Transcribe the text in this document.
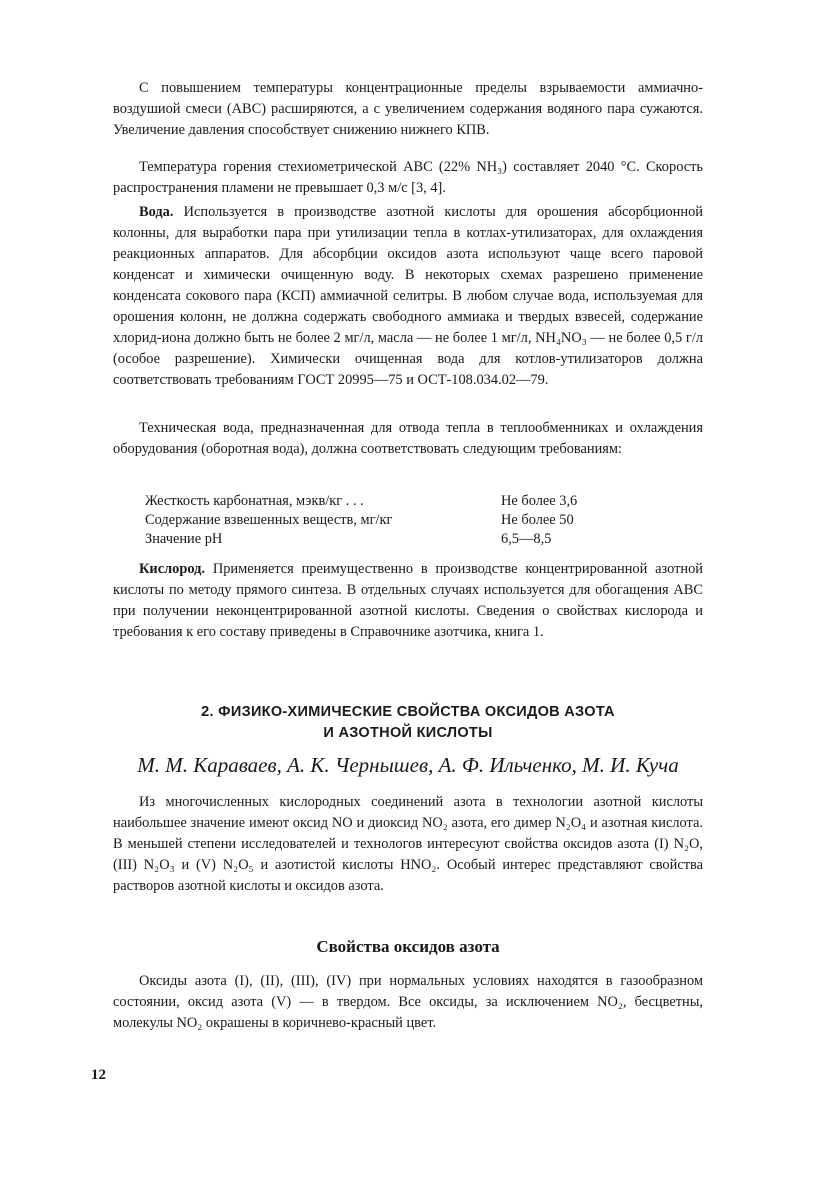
С повышением температуры концентрационные пределы взрываемости аммиачно-воздушиой смеси (АВС) расширяются, а с увеличением содержания водяного пара сужаются. Увеличение давления способствует снижению нижнего КПВ.

Температура горения стехиометрической АВС (22% NH₃) составляет 2040 °С. Скорость распространения пламени не превышает 0,3 м/с [3, 4].

Вода. Используется в производстве азотной кислоты для орошения абсорбционной колонны, для выработки пара при утилизации тепла в котлах-утилизаторах, для охлаждения реакционных аппаратов. Для абсорбции оксидов азота используют чаще всего паровой конденсат и химически очищенную воду. В некоторых схемах разрешено применение конденсата сокового пара (КСП) аммиачной селитры. В любом случае вода, используемая для орошения колонн, не должна содержать свободного аммиака и твердых взвесей, содержание хлорид-иона должно быть не более 2 мг/л, масла — не более 1 мг/л, NH₄NO₃ — не более 0,5 г/л (особое разрешение). Химически очищенная вода для котлов-утилизаторов должна соответствовать требованиям ГОСТ 20995—75 и ОСТ-108.034.02—79.

Техническая вода, предназначенная для отвода тепла в теплообменниках и охлаждения оборудования (оборотная вода), должна соответствовать следующим требованиям:

Жесткость карбонатная, мэкв/кг . . .	Не более 3,6
Содержание взвешенных веществ, мг/кг	Не более 50
Значение pH	6,5—8,5

Кислород. Применяется преимущественно в производстве концентрированной азотной кислоты по методу прямого синтеза. В отдельных случаях используется для обогащения АВС при получении неконцентрированной азотной кислоты. Сведения о свойствах кислорода и требования к его составу приведены в Справочнике азотчика, книга 1.

2. ФИЗИКО-ХИМИЧЕСКИЕ СВОЙСТВА ОКСИДОВ АЗОТА
И АЗОТНОЙ КИСЛОТЫ
М. М. Караваев, А. К. Чернышев, А. Ф. Ильченко, М. И. Куча

Из многочисленных кислородных соединений азота в технологии азотной кислоты наибольшее значение имеют оксид NO и диоксид NO₂ азота, его димер N₂O₄ и азотная кислота. В меньшей степени исследователей и технологов интересуют свойства оксидов азота (I) N₂O, (III) N₂O₃ и (V) N₂O₅ и азотистой кислоты HNO₂. Особый интерес представляют свойства растворов азотной кислоты и оксидов азота.

Свойства оксидов азота

Оксиды азота (I), (II), (III), (IV) при нормальных условиях находятся в газообразном состоянии, оксид азота (V) — в твердом. Все оксиды, за исключением NO₂, бесцветны, молекулы NO₂ окрашены в коричнево-красный цвет.

12
